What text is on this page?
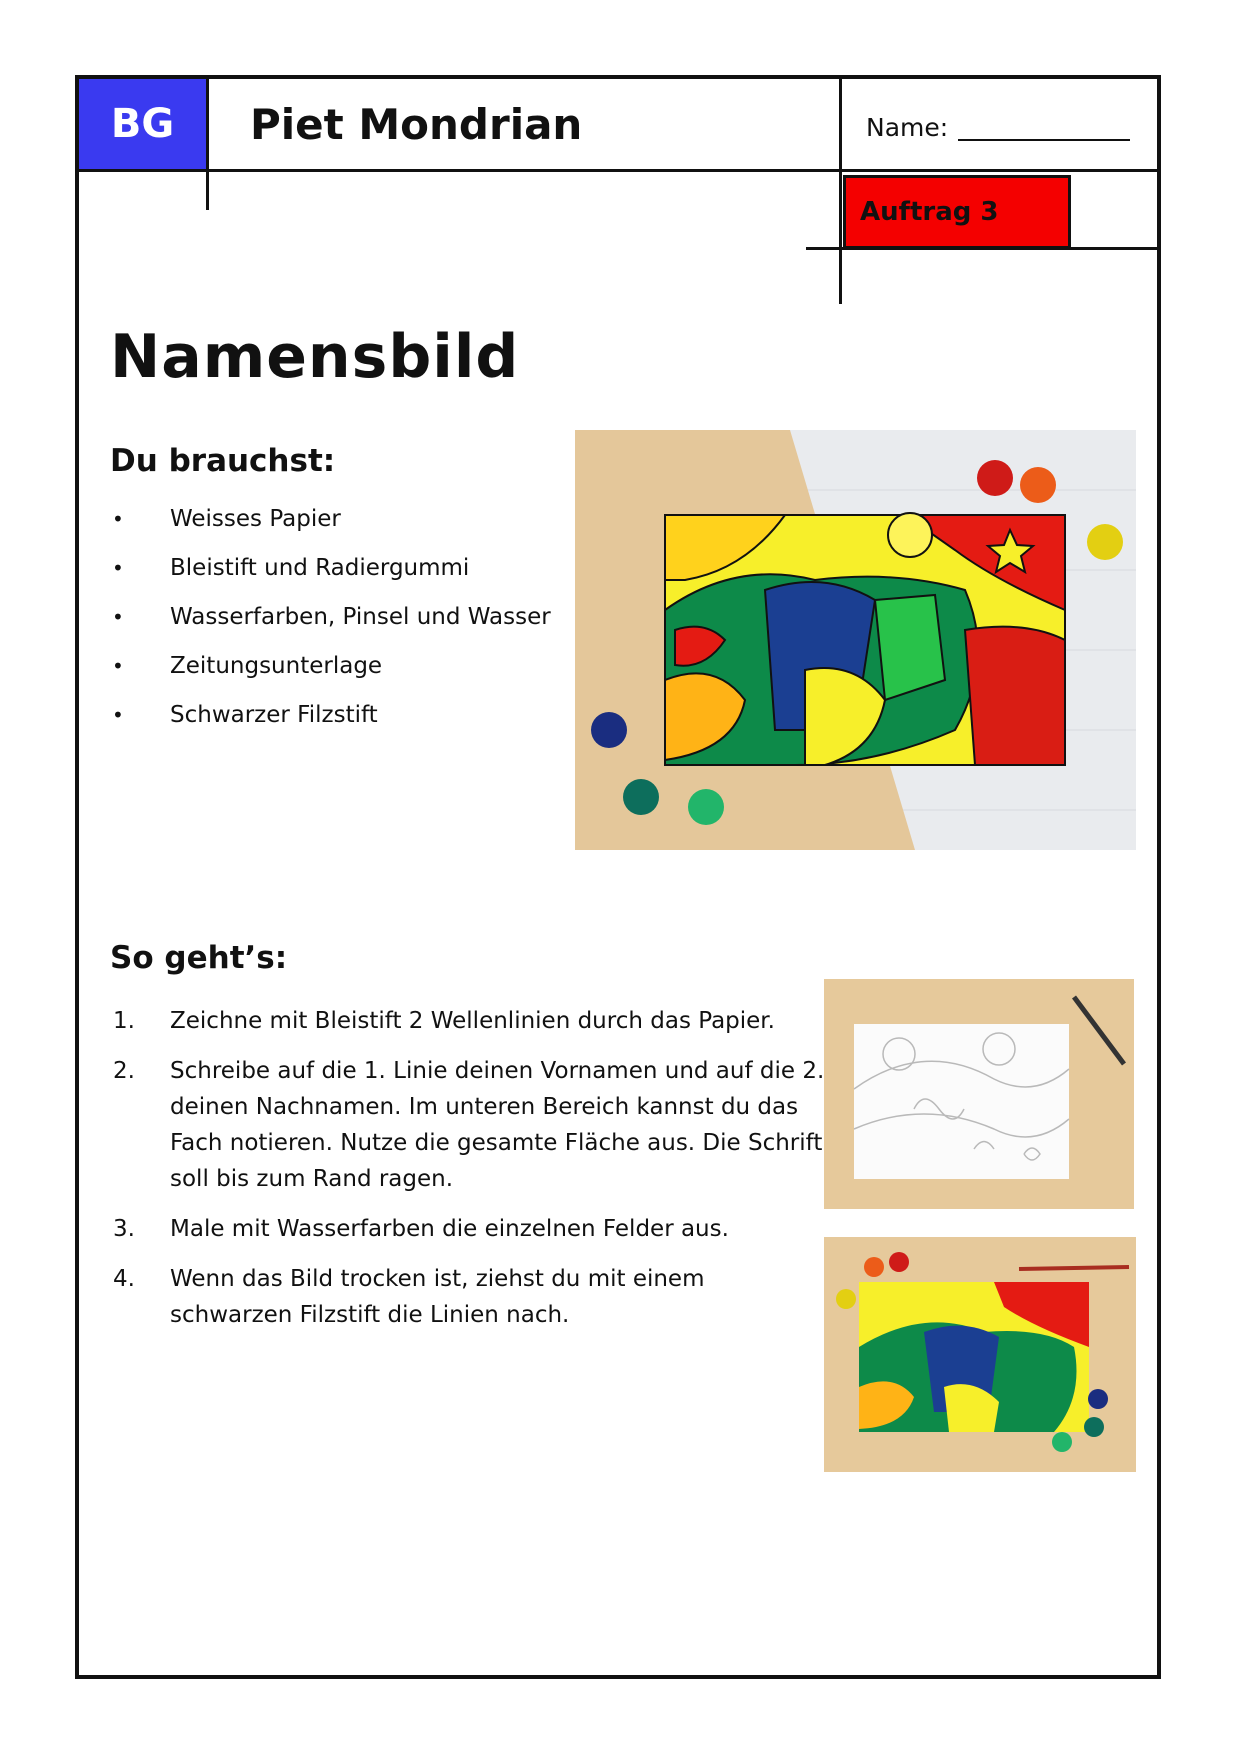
BG Piet Mondrian	Name:
Auftrag 3
Namensbild
Du brauchst:
• Weisses Papier
• Bleistift und Radiergummi
• Wasserfarben, Pinsel und Wasser
• Zeitungsunterlage
• Schwarzer Filzstift
So geht’s:
1. Zeichne mit Bleistift 2 Wellenlinien durch das Papier.
2. Schreibe auf die 1. Linie deinen Vornamen und auf die 2. deinen Nachnamen. Im unteren Bereich kannst du das Fach notieren. Nutze die gesamte Fläche aus. Die Schrift soll bis zum Rand ragen.
3. Male mit Wasserfarben die einzelnen Felder aus.
4. Wenn das Bild trocken ist, ziehst du mit einem schwarzen Filzstift die Linien nach.
